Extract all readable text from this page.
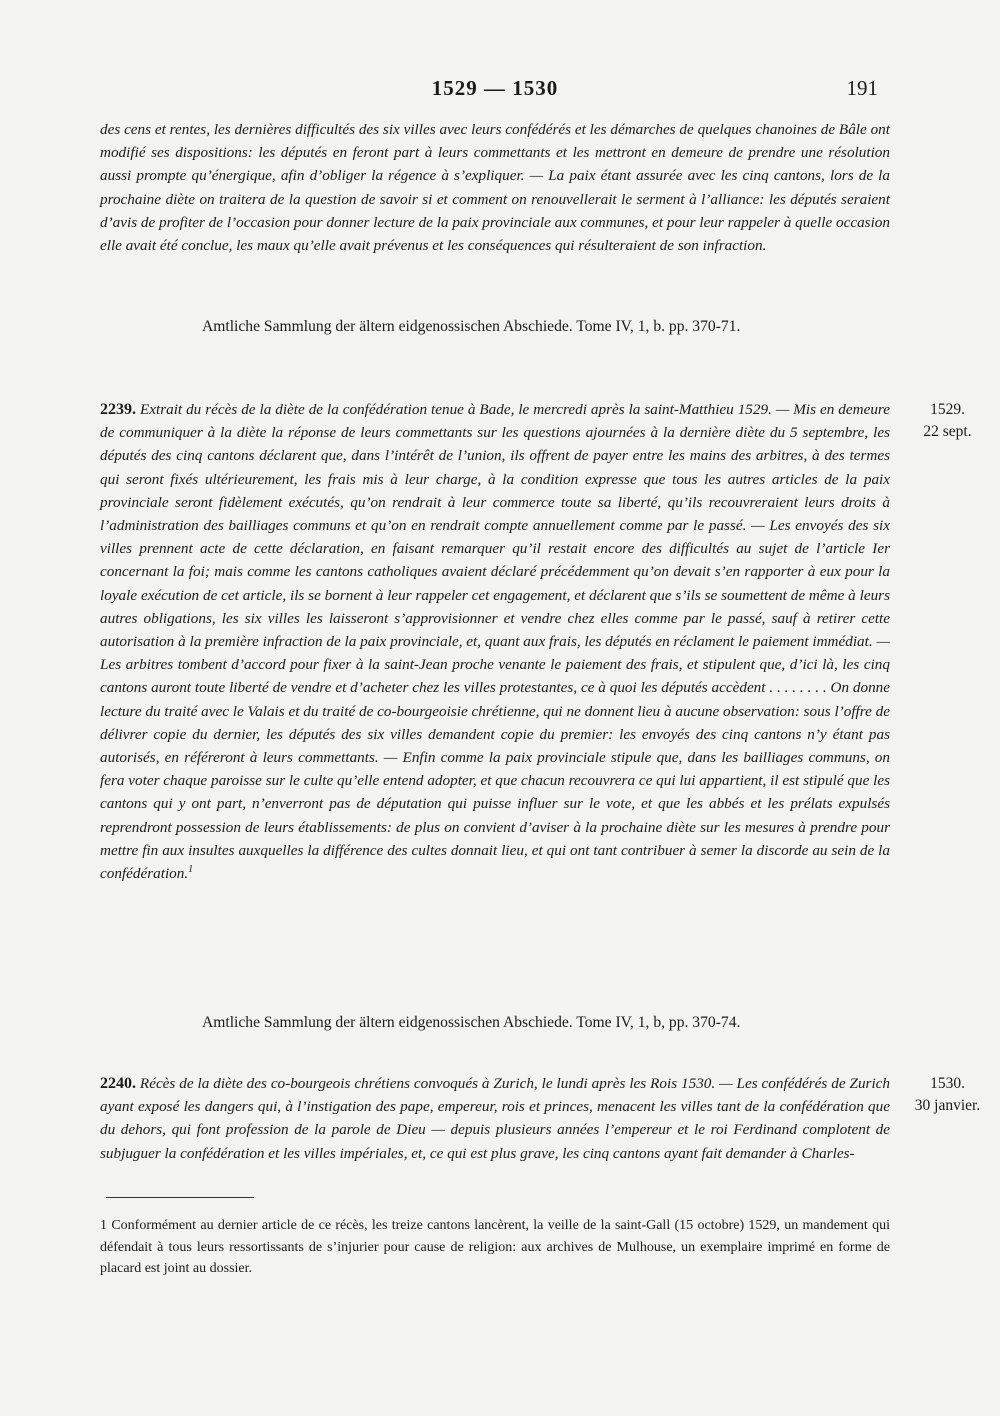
1529 — 1530	191

des cens et rentes, les dernières difficultés des six villes avec leurs confédérés et les démarches de quelques chanoines de Bâle ont modifié ses dispositions: les députés en feront part à leurs commettants et les mettront en demeure de prendre une résolution aussi prompte qu’énergique, afin d’obliger la régence à s’expliquer. — La paix étant assurée avec les cinq cantons, lors de la prochaine diète on traitera de la question de savoir si et comment on renouvellerait le serment à l’alliance: les députés seraient d’avis de profiter de l’occasion pour donner lecture de la paix provinciale aux communes, et pour leur rappeler à quelle occasion elle avait été conclue, les maux qu’elle avait prévenus et les conséquences qui résulteraient de son infraction.

Amtliche Sammlung der ältern eidgenossischen Abschiede. Tome IV, 1, b. pp. 370-71.

2239. Extrait du récès de la diète de la confédération tenue à Bade, le mercredi après la saint-Matthieu 1529. — Mis en demeure de communiquer à la diète la réponse de leurs commettants sur les questions ajournées à la dernière diète du 5 septembre, les députés des cinq cantons déclarent que, dans l’intérêt de l’union, ils offrent de payer entre les mains des arbitres, à des termes qui seront fixés ultérieurement, les frais mis à leur charge, à la condition expresse que tous les autres articles de la paix provinciale seront fidèlement exécutés, qu’on rendrait à leur commerce toute sa liberté, qu’ils recouvreraient leurs droits à l’administration des bailliages communs et qu’on en rendrait compte annuellement comme par le passé. — Les envoyés des six villes prennent acte de cette déclaration, en faisant remarquer qu’il restait encore des difficultés au sujet de l’article Ier concernant la foi; mais comme les cantons catholiques avaient déclaré précédemment qu’on devait s’en rapporter à eux pour la loyale exécution de cet article, ils se bornent à leur rappeler cet engagement, et déclarent que s’ils se soumettent de même à leurs autres obligations, les six villes les laisseront s’approvisionner et vendre chez elles comme par le passé, sauf à retirer cette autorisation à la première infraction de la paix provinciale, et, quant aux frais, les députés en réclament le paiement immédiat. — Les arbitres tombent d’accord pour fixer à la saint-Jean proche venante le paiement des frais, et stipulent que, d’ici là, les cinq cantons auront toute liberté de vendre et d’acheter chez les villes protestantes, ce à quoi les députés accèdent . . . . . . . . On donne lecture du traité avec le Valais et du traité de co-bourgeoisie chrétienne, qui ne donnent lieu à aucune observation: sous l’offre de délivrer copie du dernier, les députés des six villes demandent copie du premier: les envoyés des cinq cantons n’y étant pas autorisés, en référeront à leurs commettants. — Enfin comme la paix provinciale stipule que, dans les bailliages communs, on fera voter chaque paroisse sur le culte qu’elle entend adopter, et que chacun recouvrera ce qui lui appartient, il est stipulé que les cantons qui y ont part, n’enverront pas de députation qui puisse influer sur le vote, et que les abbés et les prélats expulsés reprendront possession de leurs établissements: de plus on convient d’aviser à la prochaine diète sur les mesures à prendre pour mettre fin aux insultes auxquelles la différence des cultes donnait lieu, et qui ont tant contribuer à semer la discorde au sein de la confédération.$^1$

1529.
22 sept.

Amtliche Sammlung der ältern eidgenossischen Abschiede. Tome IV, 1, b, pp. 370-74.

2240. Récès de la diète des co-bourgeois chrétiens convoqués à Zurich, le lundi après les Rois 1530. — Les confédérés de Zurich ayant exposé les dangers qui, à l’instigation des pape, empereur, rois et princes, menacent les villes tant de la confédération que du dehors, qui font profession de la parole de Dieu — depuis plusieurs années l’empereur et le roi Ferdinand complotent de subjuguer la confédération et les villes impériales, et, ce qui est plus grave, les cinq cantons ayant fait demander à Charles-

1530.
30 janvier.

1 Conformément au dernier article de ce récès, les treize cantons lancèrent, la veille de la saint-Gall (15 octobre) 1529, un mandement qui défendait à tous leurs ressortissants de s’injurier pour cause de religion: aux archives de Mulhouse, un exemplaire imprimé en forme de placard est joint au dossier.
